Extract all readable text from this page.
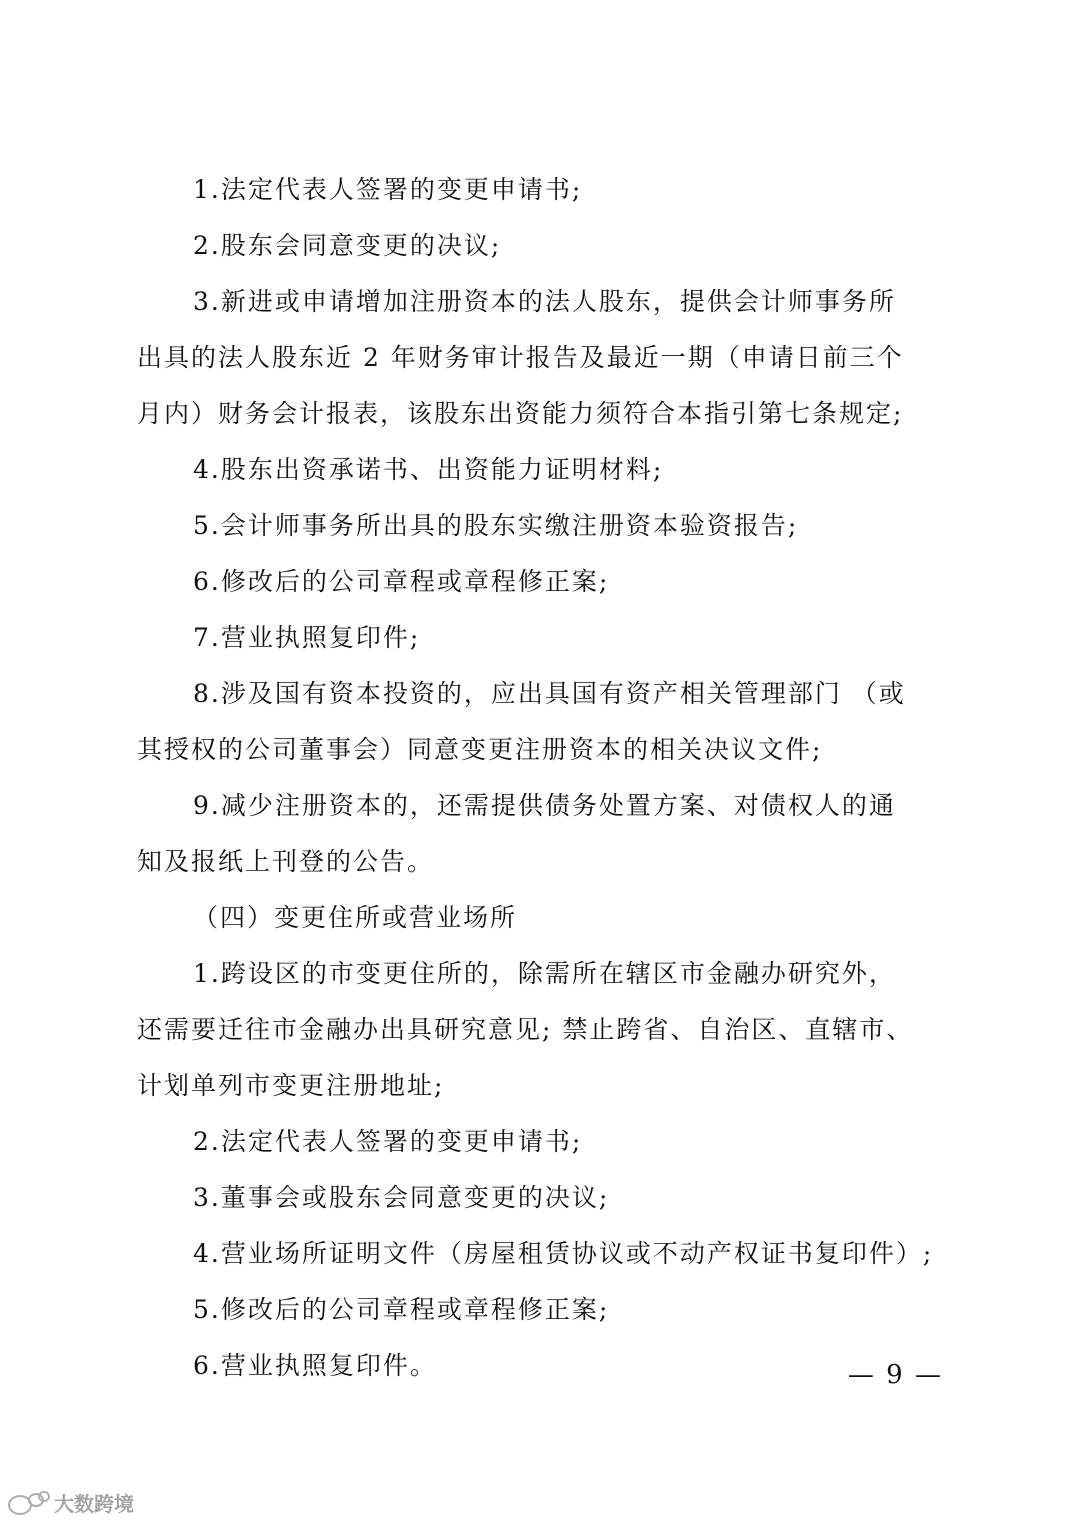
1.法定代表人签署的变更申请书;
2.股东会同意变更的决议;
3.新进或申请增加注册资本的法人股东，提供会计师事务所
出具的法人股东近 2 年财务审计报告及最近一期（申请日前三个
月内）财务会计报表，该股东出资能力须符合本指引第七条规定;
4.股东出资承诺书、出资能力证明材料;
5.会计师事务所出具的股东实缴注册资本验资报告;
6.修改后的公司章程或章程修正案;
7.营业执照复印件;
8.涉及国有资本投资的，应出具国有资产相关管理部门 （或
其授权的公司董事会）同意变更注册资本的相关决议文件;
9.减少注册资本的，还需提供债务处置方案、对债权人的通
知及报纸上刊登的公告。
（四）变更住所或营业场所
1.跨设区的市变更住所的，除需所在辖区市金融办研究外，
还需要迁往市金融办出具研究意见; 禁止跨省、自治区、直辖市、
计划单列市变更注册地址;
2.法定代表人签署的变更申请书;
3.董事会或股东会同意变更的决议;
4.营业场所证明文件（房屋租赁协议或不动产权证书复印件）;
5.修改后的公司章程或章程修正案;
6.营业执照复印件。	— 9 —
大数跨境
